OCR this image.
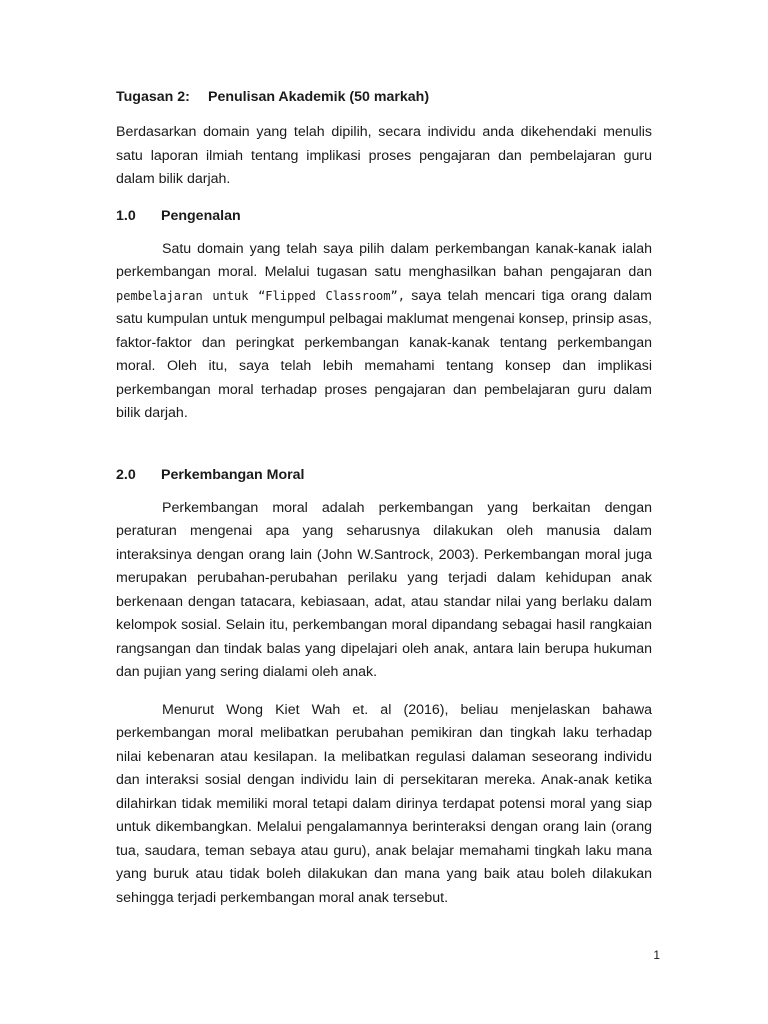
Tugasan 2:	Penulisan Akademik (50 markah)

Berdasarkan domain yang telah dipilih, secara individu anda dikehendaki menulis satu laporan ilmiah tentang implikasi proses pengajaran dan pembelajaran guru dalam bilik darjah.

1.0	Pengenalan

Satu domain yang telah saya pilih dalam perkembangan kanak-kanak ialah perkembangan moral. Melalui tugasan satu menghasilkan bahan pengajaran dan pembelajaran untuk “Flipped Classroom”, saya telah mencari tiga orang dalam satu kumpulan untuk mengumpul pelbagai maklumat mengenai konsep, prinsip asas, faktor-faktor dan peringkat perkembangan kanak-kanak tentang perkembangan moral. Oleh itu, saya telah lebih memahami tentang konsep dan implikasi perkembangan moral terhadap proses pengajaran dan pembelajaran guru dalam bilik darjah.

2.0	Perkembangan Moral

Perkembangan moral adalah perkembangan yang berkaitan dengan peraturan mengenai apa yang seharusnya dilakukan oleh manusia dalam interaksinya dengan orang lain (John W.Santrock, 2003). Perkembangan moral juga merupakan perubahan-perubahan perilaku yang terjadi dalam kehidupan anak berkenaan dengan tatacara, kebiasaan, adat, atau standar nilai yang berlaku dalam kelompok sosial. Selain itu, perkembangan moral dipandang sebagai hasil rangkaian rangsangan dan tindak balas yang dipelajari oleh anak, antara lain berupa hukuman dan pujian yang sering dialami oleh anak.

Menurut Wong Kiet Wah et. al (2016), beliau menjelaskan bahawa perkembangan moral melibatkan perubahan pemikiran dan tingkah laku terhadap nilai kebenaran atau kesilapan. Ia melibatkan regulasi dalaman seseorang individu dan interaksi sosial dengan individu lain di persekitaran mereka. Anak-anak ketika dilahirkan tidak memiliki moral tetapi dalam dirinya terdapat potensi moral yang siap untuk dikembangkan. Melalui pengalamannya berinteraksi dengan orang lain (orang tua, saudara, teman sebaya atau guru), anak belajar memahami tingkah laku mana yang buruk atau tidak boleh dilakukan dan mana yang baik atau boleh dilakukan sehingga terjadi perkembangan moral anak tersebut.

1
